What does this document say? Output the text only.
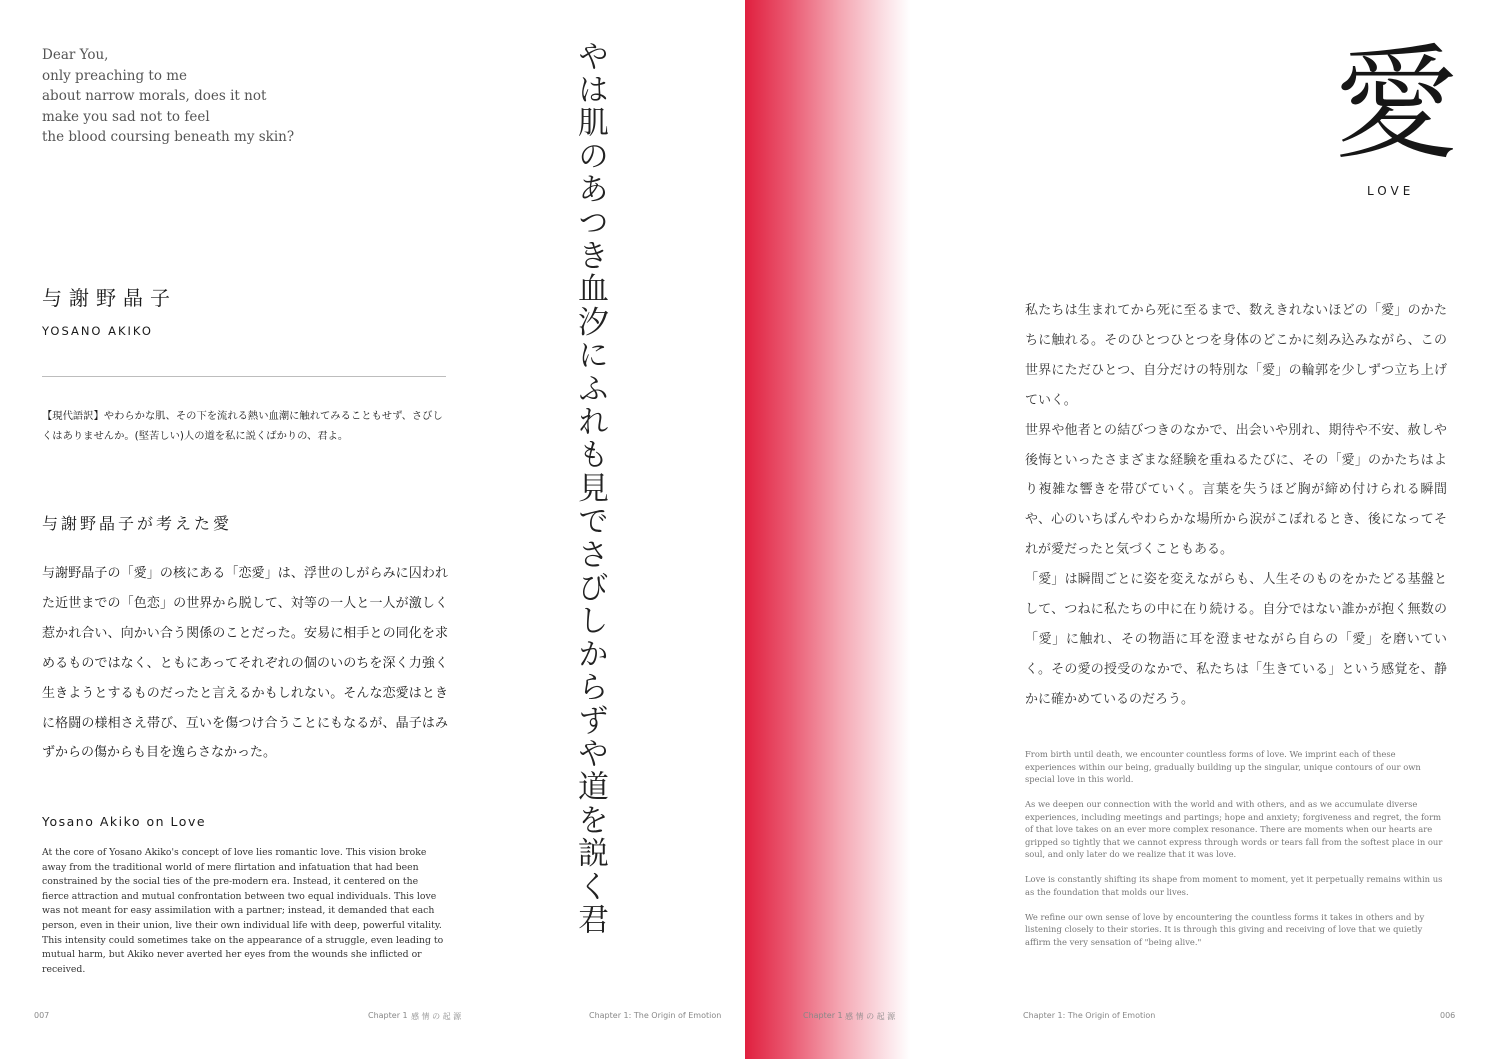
Dear You,
only preaching to me
about narrow morals, does it not
make you sad not to feel
the blood coursing beneath my skin?
与謝野晶子
YOSANO AKIKO
【現代語訳】やわらかな肌、その下を流れる熱い血潮に触れてみることもせず、さびしくはありませんか。(堅苦しい)人の道を私に説くばかりの、君よ。
与謝野晶子が考えた愛
与謝野晶子の「愛」の核にある「恋愛」は、浮世のしがらみに囚われた近世までの「色恋」の世界から脱して、対等の一人と一人が激しく惹かれ合い、向かい合う関係のことだった。安易に相手との同化を求めるものではなく、ともにあってそれぞれの個のいのちを深く力強く生きようとするものだったと言えるかもしれない。そんな恋愛はときに格闘の様相さえ帯び、互いを傷つけ合うことにもなるが、晶子はみずからの傷からも目を逸らさなかった。
Yosano Akiko on Love
At the core of Yosano Akiko's concept of love lies romantic love. This vision broke away from the traditional world of mere flirtation and infatuation that had been constrained by the social ties of the pre-modern era. Instead, it centered on the fierce attraction and mutual confrontation between two equal individuals. This love was not meant for easy assimilation with a partner; instead, it demanded that each person, even in their union, live their own individual life with deep, powerful vitality. This intensity could sometimes take on the appearance of a struggle, even leading to mutual harm, but Akiko never averted her eyes from the wounds she inflicted or received.
やは肌のあつき血汐にふれも見でさびしからずや道を説く君
007	Chapter 1 感 情 の 起 源	Chapter 1: The Origin of Emotion
愛
LOVE

私たちは生まれてから死に至るまで、数えきれないほどの「愛」のかたちに触れる。そのひとつひとつを身体のどこかに刻み込みながら、この世界にただひとつ、自分だけの特別な「愛」の輪郭を少しずつ立ち上げていく。

世界や他者との結びつきのなかで、出会いや別れ、期待や不安、赦しや後悔といったさまざまな経験を重ねるたびに、その「愛」のかたちはより複雑な響きを帯びていく。言葉を失うほど胸が締め付けられる瞬間や、心のいちばんやわらかな場所から涙がこぼれるとき、後になってそれが愛だったと気づくこともある。

「愛」は瞬間ごとに姿を変えながらも、人生そのものをかたどる基盤として、つねに私たちの中に在り続ける。自分ではない誰かが抱く無数の「愛」に触れ、その物語に耳を澄ませながら自らの「愛」を磨いていく。その愛の授受のなかで、私たちは「生きている」という感覚を、静かに確かめているのだろう。

From birth until death, we encounter countless forms of love. We imprint each of these experiences within our being, gradually building up the singular, unique contours of our own special love in this world.

As we deepen our connection with the world and with others, and as we accumulate diverse experiences, including meetings and partings; hope and anxiety; forgiveness and regret, the form of that love takes on an ever more complex resonance. There are moments when our hearts are gripped so tightly that we cannot express through words or tears fall from the softest place in our soul, and only later do we realize that it was love.

Love is constantly shifting its shape from moment to moment, yet it perpetually remains within us as the foundation that molds our lives.

We refine our own sense of love by encountering the countless forms it takes in others and by listening closely to their stories. It is through this giving and receiving of love that we quietly affirm the very sensation of "being alive."

Chapter 1 感 情 の 起 源	Chapter 1: The Origin of Emotion	006
